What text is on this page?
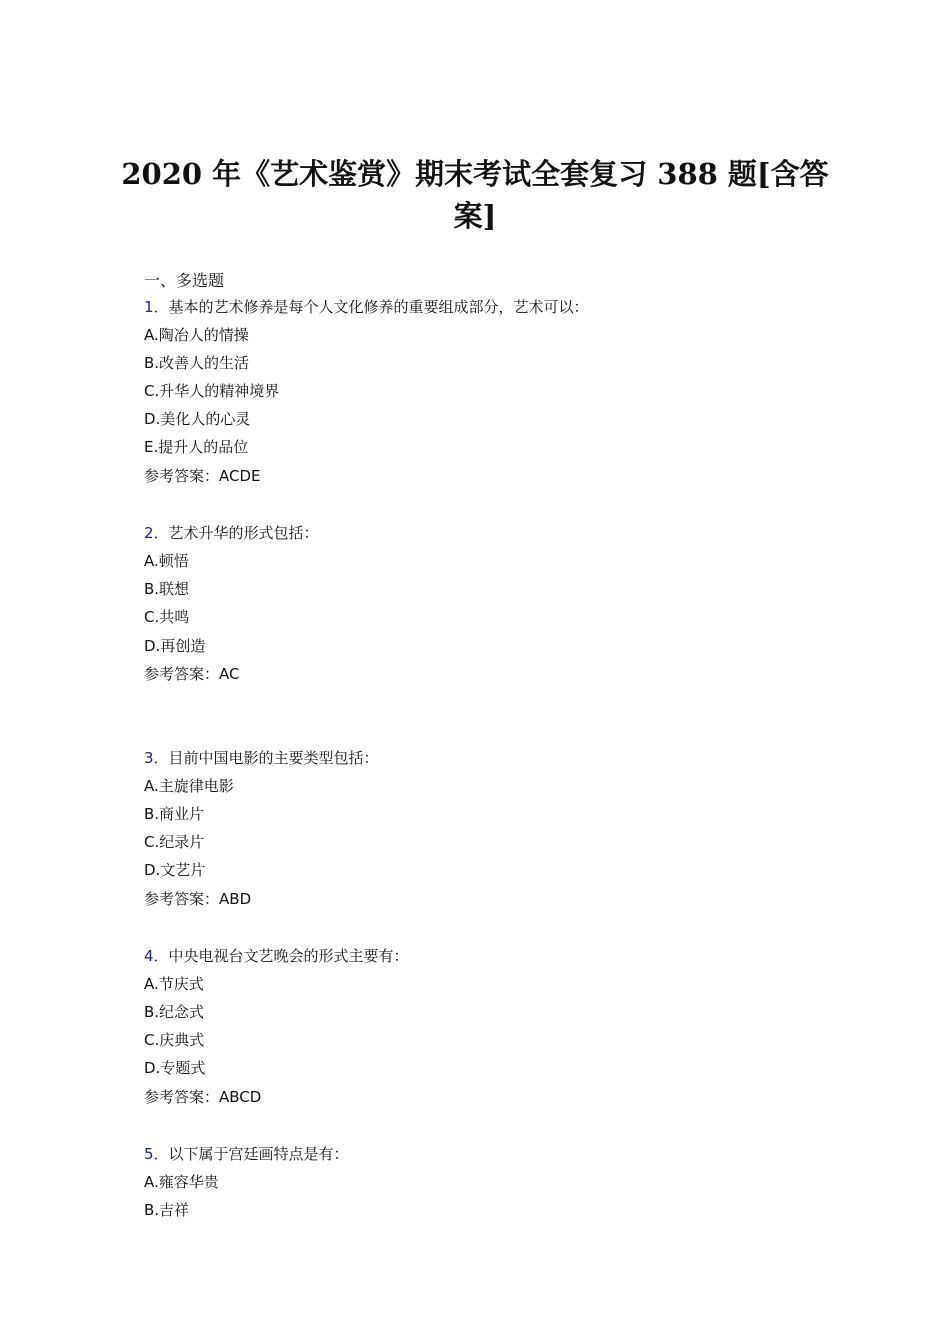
2020 年《艺术鉴赏》期末考试全套复习 388 题[含答案]
一、多选题
1．基本的艺术修养是每个人文化修养的重要组成部分，艺术可以：
A.陶冶人的情操
B.改善人的生活
C.升华人的精神境界
D.美化人的心灵
E.提升人的品位
参考答案：ACDE
2．艺术升华的形式包括：
A.顿悟
B.联想
C.共鸣
D.再创造
参考答案：AC
3．目前中国电影的主要类型包括：
A.主旋律电影
B.商业片
C.纪录片
D.文艺片
参考答案：ABD
4．中央电视台文艺晚会的形式主要有：
A.节庆式
B.纪念式
C.庆典式
D.专题式
参考答案：ABCD
5．以下属于宫廷画特点是有：
A.雍容华贵
B.吉祥
